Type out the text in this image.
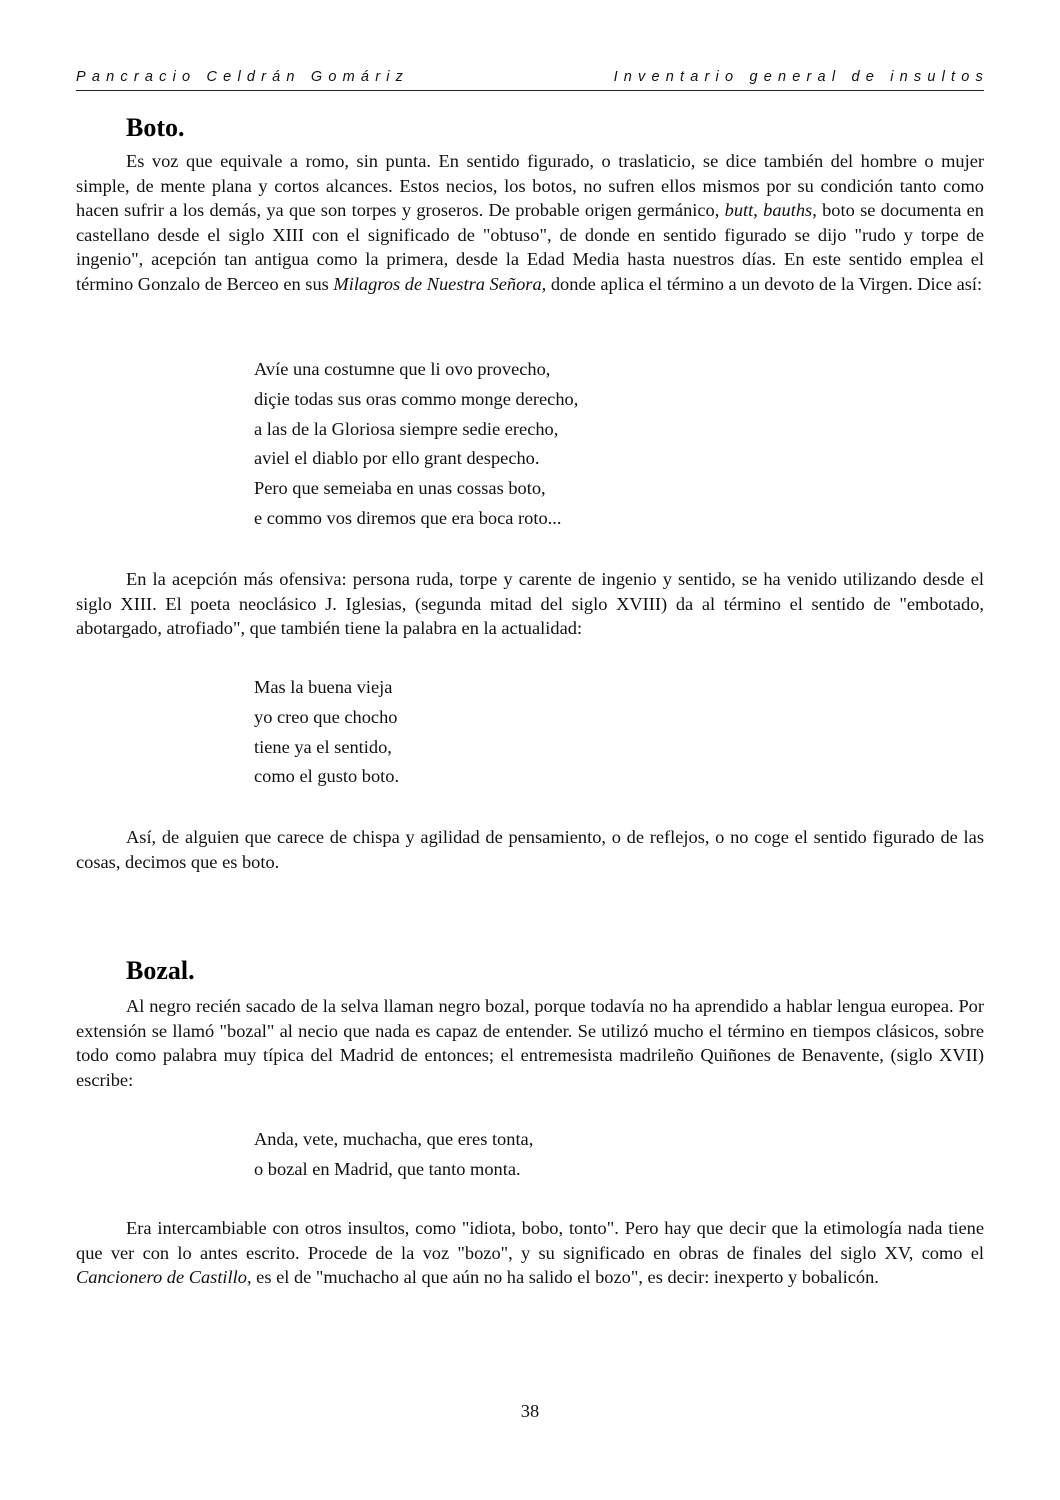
Pancracio Celdrán Gomáriz	Inventario general de insultos
Boto.

Es voz que equivale a romo, sin punta. En sentido figurado, o traslaticio, se dice también del hombre o mujer simple, de mente plana y cortos alcances. Estos necios, los botos, no sufren ellos mismos por su condición tanto como hacen sufrir a los demás, ya que son torpes y groseros. De probable origen germánico, butt, bauths, boto se documenta en castellano desde el siglo XIII con el significado de "obtuso", de donde en sentido figurado se dijo "rudo y torpe de ingenio", acepción tan antigua como la primera, desde la Edad Media hasta nuestros días. En este sentido emplea el término Gonzalo de Berceo en sus Milagros de Nuestra Señora, donde aplica el término a un devoto de la Virgen. Dice así:

Avíe una costumne que li ovo provecho,
diçie todas sus oras commo monge derecho,
a las de la Gloriosa siempre sedie erecho,
aviel el diablo por ello grant despecho.
Pero que semeiaba en unas cossas boto,
e commo vos diremos que era boca roto...

En la acepción más ofensiva: persona ruda, torpe y carente de ingenio y sentido, se ha venido utilizando desde el siglo XIII. El poeta neoclásico J. Iglesias, (segunda mitad del siglo XVIII) da al término el sentido de "embotado, abotargado, atrofiado", que también tiene la palabra en la actualidad:

Mas la buena vieja
yo creo que chocho
tiene ya el sentido,
como el gusto boto.

Así, de alguien que carece de chispa y agilidad de pensamiento, o de reflejos, o no coge el sentido figurado de las cosas, decimos que es boto.

Bozal.

Al negro recién sacado de la selva llaman negro bozal, porque todavía no ha aprendido a hablar lengua europea. Por extensión se llamó "bozal" al necio que nada es capaz de entender. Se utilizó mucho el término en tiempos clásicos, sobre todo como palabra muy típica del Madrid de entonces; el entremesista madrileño Quiñones de Benavente, (siglo XVII) escribe:

Anda, vete, muchacha, que eres tonta,
o bozal en Madrid, que tanto monta.

Era intercambiable con otros insultos, como "idiota, bobo, tonto". Pero hay que decir que la etimología nada tiene que ver con lo antes escrito. Procede de la voz "bozo", y su significado en obras de finales del siglo XV, como el Cancionero de Castillo, es el de "muchacho al que aún no ha salido el bozo", es decir: inexperto y bobalicón.

38
